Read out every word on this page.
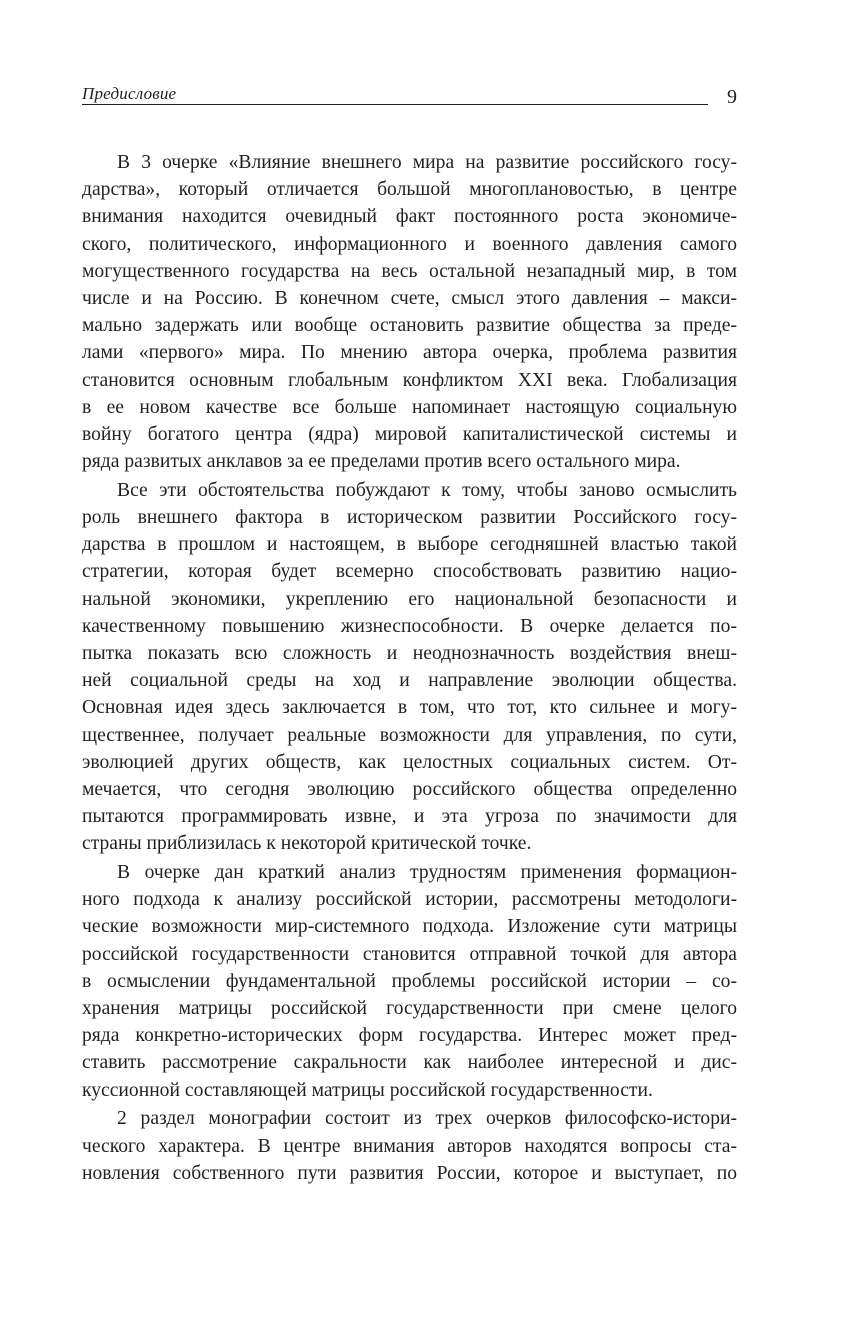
Предисловие	9
В 3 очерке «Влияние внешнего мира на развитие российского госу-
дарства», который отличается большой многоплановостью, в центре
внимания находится очевидный факт постоянного роста экономиче-
ского, политического, информационного и военного давления самого
могущественного государства на весь остальной незападный мир, в том
числе и на Россию. В конечном счете, смысл этого давления – макси-
мально задержать или вообще остановить развитие общества за преде-
лами «первого» мира. По мнению автора очерка, проблема развития
становится основным глобальным конфликтом XXI века. Глобализация
в ее новом качестве все больше напоминает настоящую социальную
войну богатого центра (ядра) мировой капиталистической системы и
ряда развитых анклавов за ее пределами против всего остального мира.
Все эти обстоятельства побуждают к тому, чтобы заново осмыслить
роль внешнего фактора в историческом развитии Российского госу-
дарства в прошлом и настоящем, в выборе сегодняшней властью такой
стратегии, которая будет всемерно способствовать развитию нацио-
нальной экономики, укреплению его национальной безопасности и
качественному повышению жизнеспособности. В очерке делается по-
пытка показать всю сложность и неоднозначность воздействия внеш-
ней социальной среды на ход и направление эволюции общества.
Основная идея здесь заключается в том, что тот, кто сильнее и могу-
щественнее, получает реальные возможности для управления, по сути,
эволюцией других обществ, как целостных социальных систем. От-
мечается, что сегодня эволюцию российского общества определенно
пытаются программировать извне, и эта угроза по значимости для
страны приблизилась к некоторой критической точке.
В очерке дан краткий анализ трудностям применения формацион-
ного подхода к анализу российской истории, рассмотрены методологи-
ческие возможности мир-системного подхода. Изложение сути матрицы
российской государственности становится отправной точкой для автора
в осмыслении фундаментальной проблемы российской истории – со-
хранения матрицы российской государственности при смене целого
ряда конкретно-исторических форм государства. Интерес может пред-
ставить рассмотрение сакральности как наиболее интересной и дис-
куссионной составляющей матрицы российской государственности.
2 раздел монографии состоит из трех очерков философско-истори-
ческого характера. В центре внимания авторов находятся вопросы ста-
новления собственного пути развития России, которое и выступает, по
